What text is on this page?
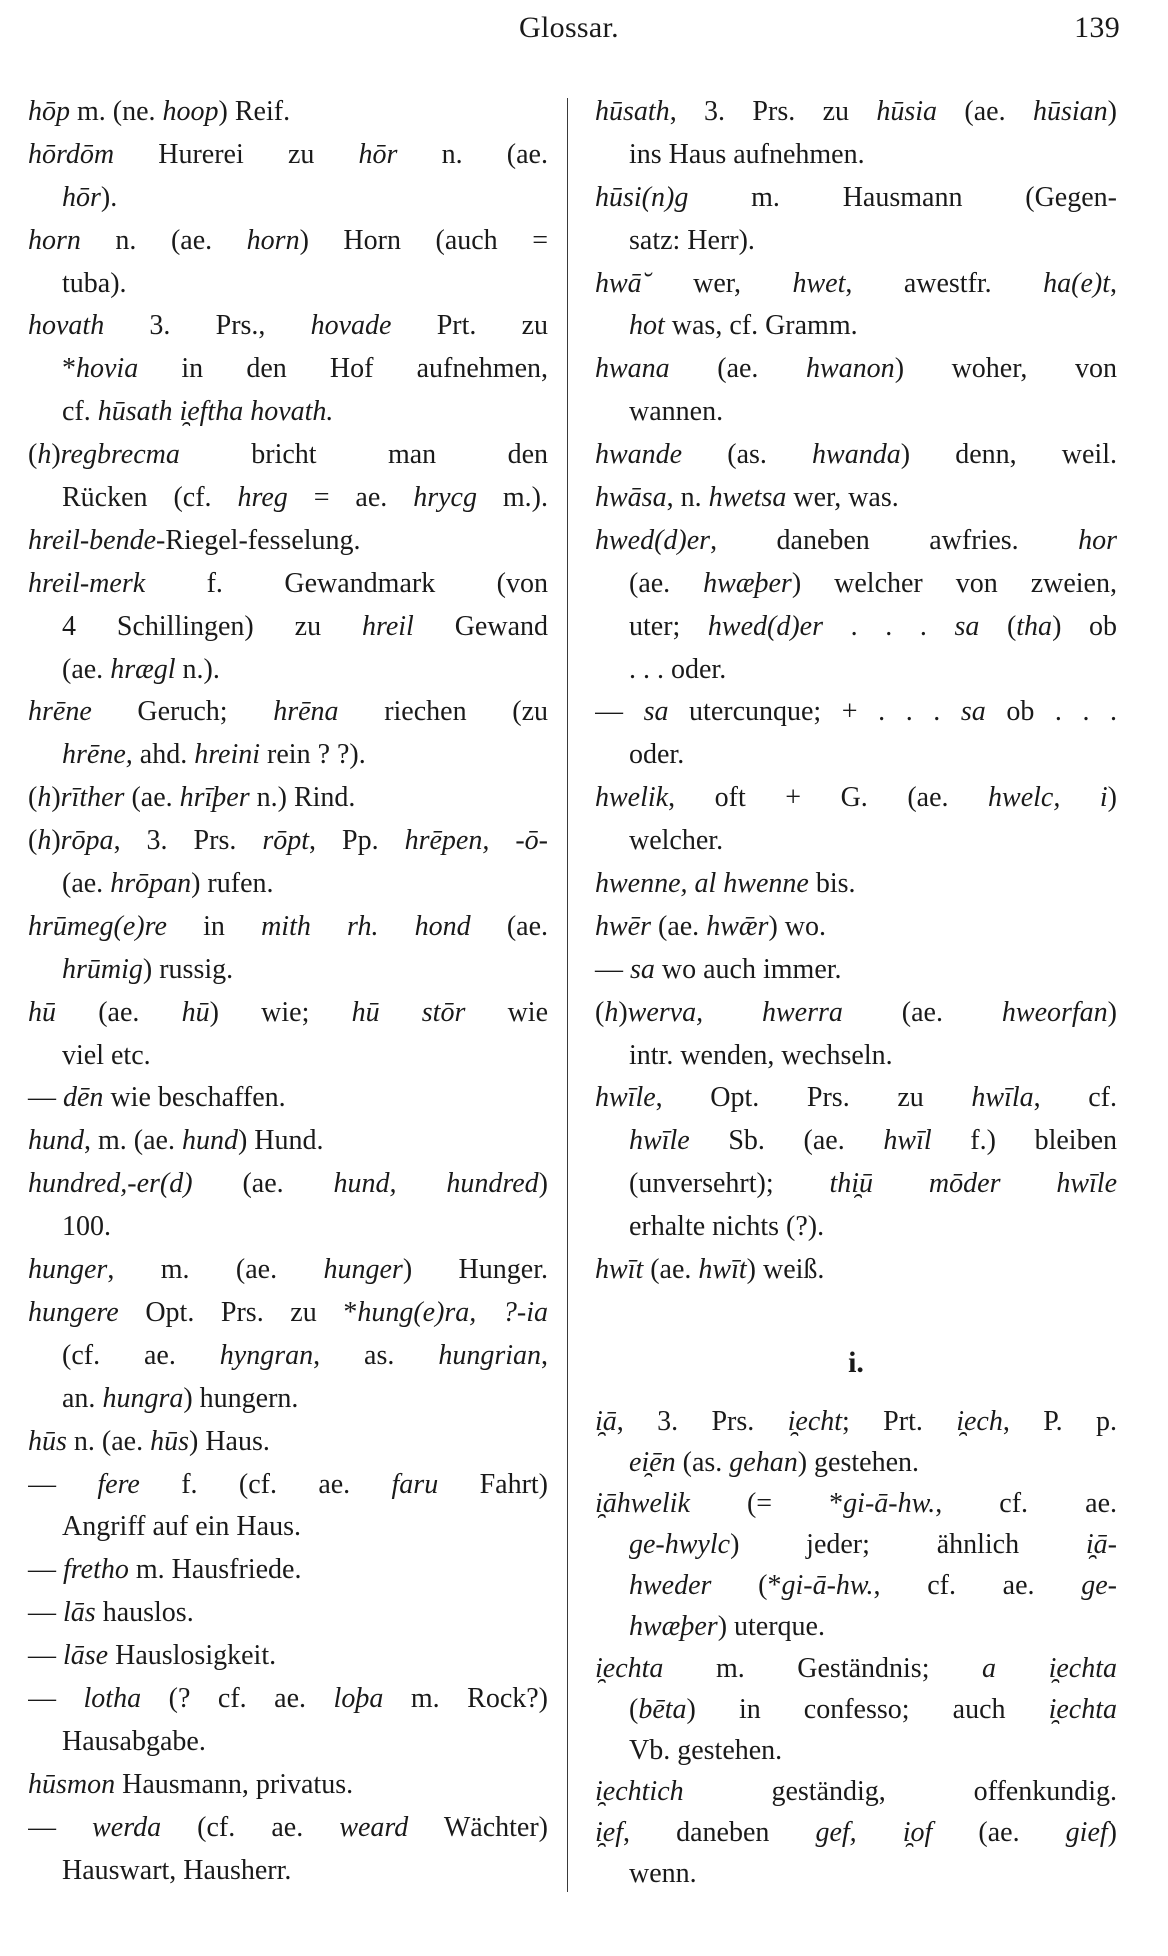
Glossar.	139
hōp m. (ne. hoop) Reif.
hōrdōm Hurerei zu hōr n. (ae.
hōr).
horn n. (ae. horn) Horn (auch =
tuba).
hovath 3. Prs., hovade Prt. zu
*hovia in den Hof aufnehmen,
cf. hūsath i̯eftha hovath.
(h)regbrecma bricht man den
Rücken (cf. hreg = ae. hrycg m.).
hreil-bende-Riegel-fesselung.
hreil-merk f. Gewandmark (von
4 Schillingen) zu hreil Gewand
(ae. hrægl n.).
hrēne Geruch; hrēna riechen (zu
hrēne, ahd. hreini rein ? ?).
(h)rīther (ae. hrīþer n.) Rind.
(h)rōpa, 3. Prs. rōpt, Pp. hrēpen, -ō-
(ae. hrōpan) rufen.
hrūmeg(e)re in mith rh. hond (ae.
hrūmig) russig.
hū (ae. hū) wie; hū stōr wie
viel etc.
— dēn wie beschaffen.
hund, m. (ae. hund) Hund.
hundred,-er(d) (ae. hund, hundred)
100.
hunger, m. (ae. hunger) Hunger.
hungere Opt. Prs. zu *hung(e)ra, ?-ia
(cf. ae. hyngran, as. hungrian,
an. hungra) hungern.
hūs n. (ae. hūs) Haus.
— fere f. (cf. ae. faru Fahrt)
Angriff auf ein Haus.
— fretho m. Hausfriede.
— lās hauslos.
— lāse Hauslosigkeit.
— lotha (? cf. ae. loþa m. Rock?)
Hausabgabe.
hūsmon Hausmann, privatus.
— werda (cf. ae. weard Wächter)
Hauswart, Hausherr.
hūsath, 3. Prs. zu hūsia (ae. hūsian)
ins Haus aufnehmen.
hūsi(n)g m. Hausmann (Gegen-
satz: Herr).
hwā̆ wer, hwet, awestfr. ha(e)t,
hot was, cf. Gramm.
hwana (ae. hwanon) woher, von
wannen.
hwande (as. hwanda) denn, weil.
hwāsa, n. hwetsa wer, was.
hwed(d)er, daneben awfries. hor
(ae. hwæþer) welcher von zweien,
uter; hwed(d)er . . . sa (tha) ob
. . . oder.
— sa utercunque; + . . . sa ob . . .
oder.
hwelik, oft + G. (ae. hwelc, i)
welcher.
hwenne, al hwenne bis.
hwēr (ae. hwǣr) wo.
— sa wo auch immer.
(h)werva, hwerra (ae. hweorfan)
intr. wenden, wechseln.
hwīle, Opt. Prs. zu hwīla, cf.
hwīle Sb. (ae. hwīl f.) bleiben
(unversehrt); thi̯ū mōder hwīle
erhalte nichts (?).
hwīt (ae. hwīt) weiß.
i.
i̯ā, 3. Prs. i̯echt; Prt. i̯ech, P. p.
ei̯ēn (as. gehan) gestehen.
i̯āhwelik (= *gi-ā-hw., cf. ae.
ge-hwylc) jeder; ähnlich i̯ā-
hweder (*gi-ā-hw., cf. ae. ge-
hwæþer) uterque.
i̯echta m. Geständnis; a i̯echta
(bēta) in confesso; auch i̯echta
Vb. gestehen.
i̯echtich geständig, offenkundig.
i̯ef, daneben gef, i̯of (ae. gief)
wenn.
